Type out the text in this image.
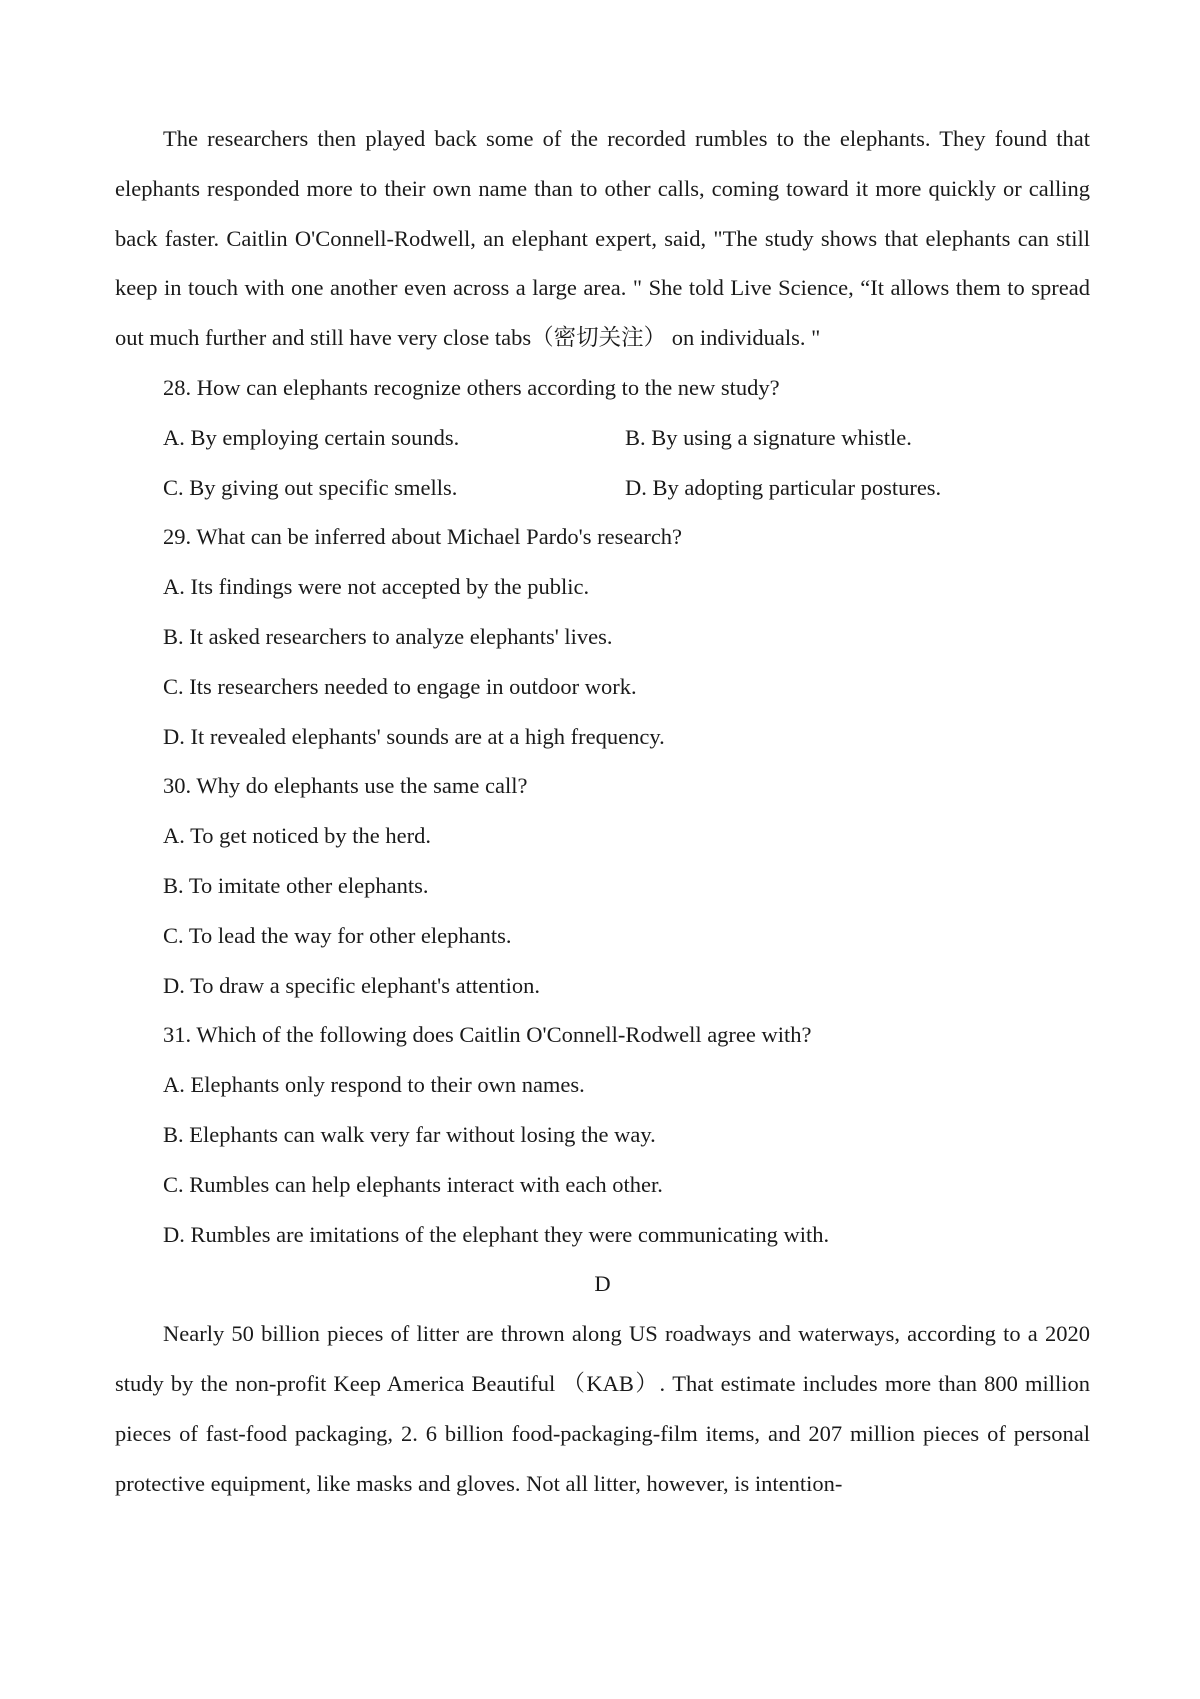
The researchers then played back some of the recorded rumbles to the elephants. They found that elephants responded more to their own name than to other calls, coming toward it more quickly or calling back faster. Caitlin O'Connell-Rodwell, an elephant expert, said, "The study shows that elephants can still keep in touch with one another even across a large area. " She told Live Science, “It allows them to spread out much further and still have very close tabs（密切关注） on individuals. "

28. How can elephants recognize others according to the new study?

A. By employing certain sounds.	B. By using a signature whistle.
C. By giving out specific smells.	D. By adopting particular postures.

29. What can be inferred about Michael Pardo's research?

A. Its findings were not accepted by the public.

B. It asked researchers to analyze elephants' lives.

C. Its researchers needed to engage in outdoor work.

D. It revealed elephants' sounds are at a high frequency.

30. Why do elephants use the same call?

A. To get noticed by the herd.

B. To imitate other elephants.

C. To lead the way for other elephants.

D. To draw a specific elephant's attention.

31. Which of the following does Caitlin O'Connell-Rodwell agree with?

A. Elephants only respond to their own names.

B. Elephants can walk very far without losing the way.

C. Rumbles can help elephants interact with each other.

D. Rumbles are imitations of the elephant they were communicating with.

D

Nearly 50 billion pieces of litter are thrown along US roadways and waterways, according to a 2020 study by the non-profit Keep America Beautiful （KAB）. That estimate includes more than 800 million pieces of fast-food packaging, 2. 6 billion food-packaging-film items, and 207 million pieces of personal protective equipment, like masks and gloves. Not all litter, however, is intention-
